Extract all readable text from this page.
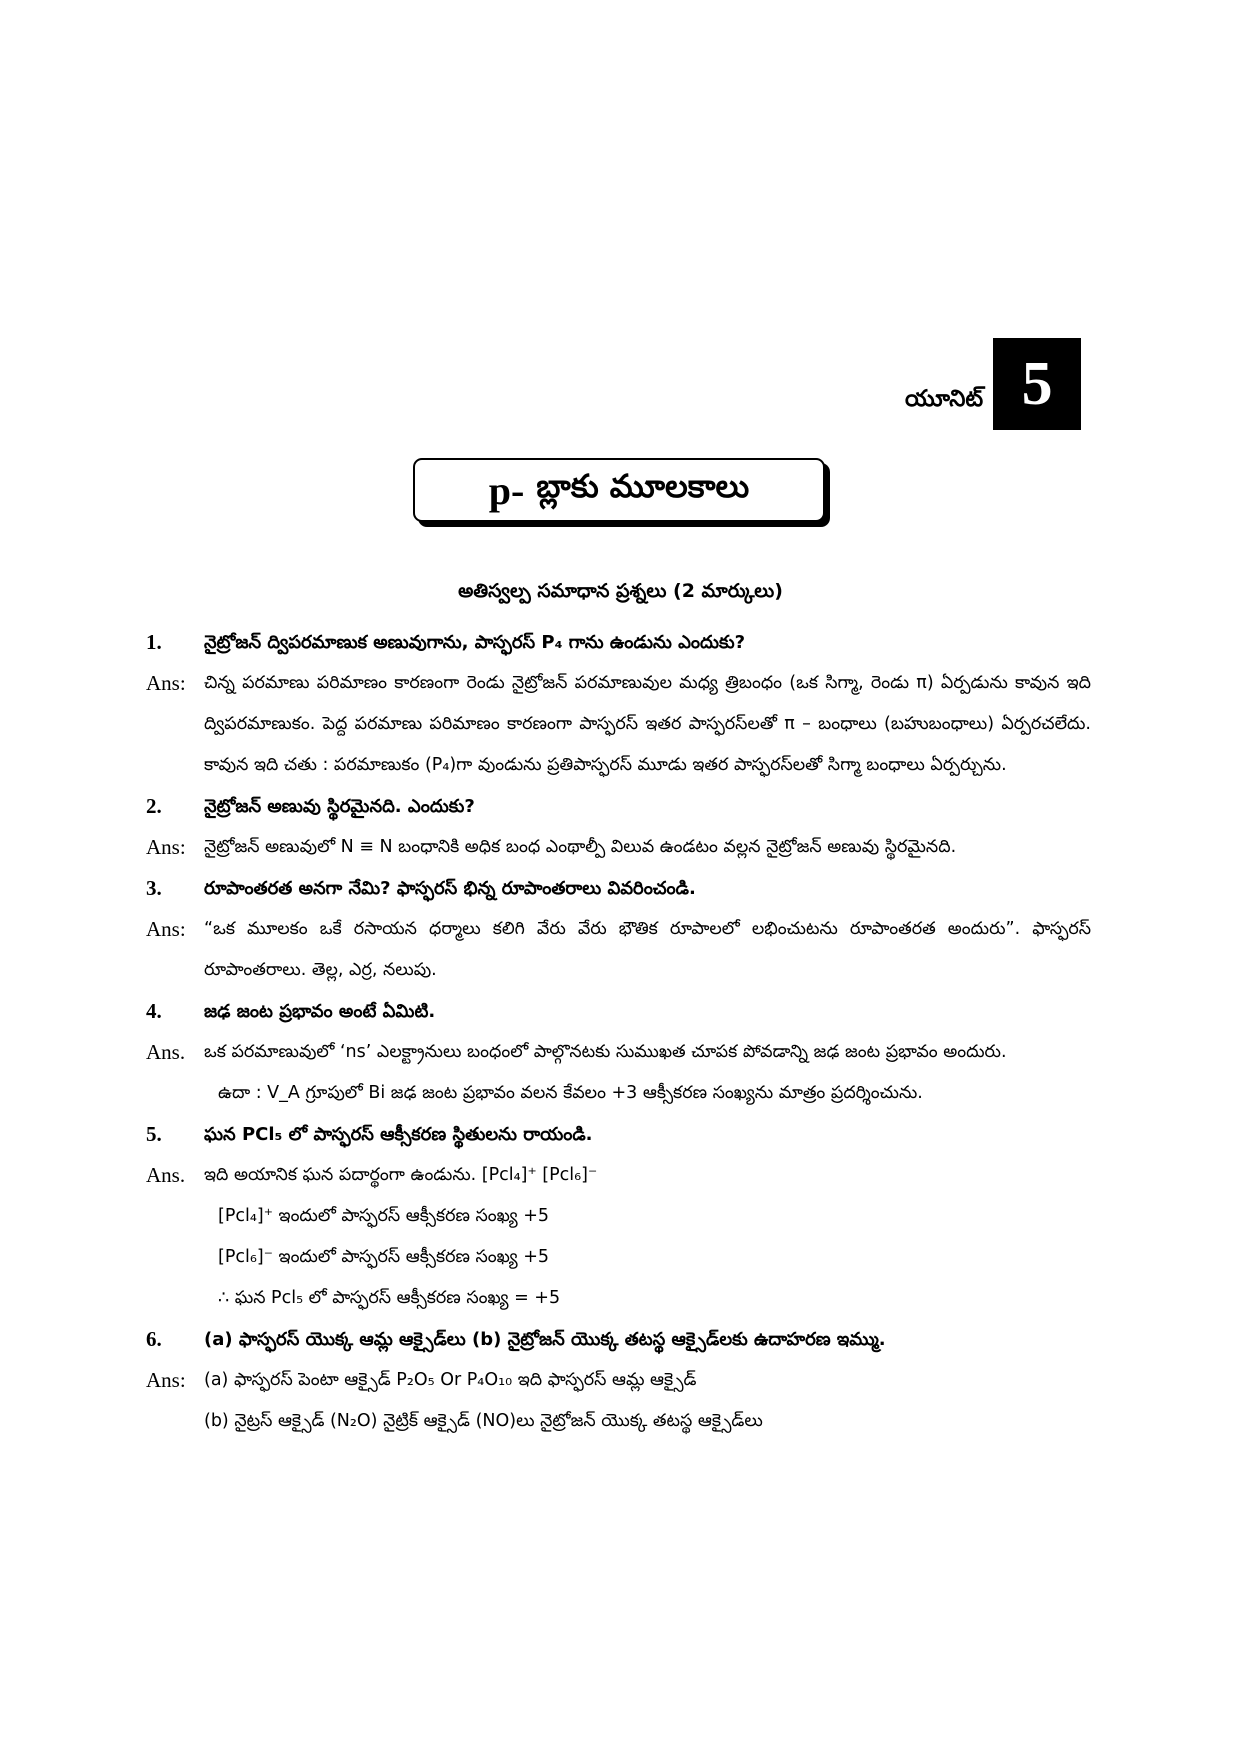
యూనిట్ 5
p- బ్లాకు మూలకాలు
అతిస్వల్ప సమాధాన ప్రశ్నలు (2 మార్కులు)
1.	నైట్రోజన్ ద్విపరమాణుక అణువుగాను, పాస్ఫరస్ P₄ గాను ఉండును ఎందుకు?
Ans:	చిన్న పరమాణు పరిమాణం కారణంగా రెండు నైట్రోజన్ పరమాణువుల మధ్య త్రిబంధం (ఒక సిగ్మా, రెండు π) ఏర్పడును కావున ఇది ద్విపరమాణుకం. పెద్ద పరమాణు పరిమాణం కారణంగా పాస్ఫరస్ ఇతర పాస్ఫరస్‌లతో π – బంధాలు (బహుబంధాలు) ఏర్పరచలేదు. కావున ఇది చతు : పరమాణుకం (P₄)గా వుండును ప్రతిపాస్ఫరస్ మూడు ఇతర పాస్ఫరస్‌లతో సిగ్మా బంధాలు ఏర్పర్చును.
2.	నైట్రోజన్ అణువు స్థిరమైనది. ఎందుకు?
Ans:	నైట్రోజన్ అణువులో N ≡ N బంధానికి అధిక బంధ ఎంథాల్పీ విలువ ఉండటం వల్లన నైట్రోజన్ అణువు స్థిరమైనది.
3.	రూపాంతరత అనగా నేమి? ఫాస్ఫరస్ భిన్న రూపాంతరాలు వివరించండి.
Ans:	“ఒక మూలకం ఒకే రసాయన ధర్మాలు కలిగి వేరు వేరు భౌతిక రూపాలలో లభించుటను రూపాంతరత అందురు”. ఫాస్ఫరస్ రూపాంతరాలు. తెల్ల, ఎర్ర, నలుపు.
4.	జఢ జంట ప్రభావం అంటే ఏమిటి.
Ans.	ఒక పరమాణువులో ‘ns’ ఎలక్ట్రానులు బంధంలో పాల్గొనటకు సుముఖత చూపక పోవడాన్ని జఢ జంట ప్రభావం అందురు.
ఉదా : V_A గ్రూపులో Bi జఢ జంట ప్రభావం వలన కేవలం +3 ఆక్సీకరణ సంఖ్యను మాత్రం ప్రదర్శించును.
5.	ఘన PCl₅ లో పాస్ఫరస్ ఆక్సీకరణ స్థితులను రాయండి.
Ans.	ఇది అయానిక ఘన పదార్థంగా ఉండును. [Pcl₄]⁺ [Pcl₆]⁻
[Pcl₄]⁺ ఇందులో పాస్ఫరస్ ఆక్సీకరణ సంఖ్య +5
[Pcl₆]⁻ ఇందులో పాస్ఫరస్ ఆక్సీకరణ సంఖ్య +5
∴ ఘన Pcl₅ లో పాస్ఫరస్ ఆక్సీకరణ సంఖ్య = +5
6.	(a) ఫాస్ఫరస్ యొక్క ఆమ్ల ఆక్సైడ్‌లు (b) నైట్రోజన్ యొక్క తటస్థ ఆక్సైడ్‌లకు ఉదాహరణ ఇమ్ము.
Ans:	(a) ఫాస్ఫరస్ పెంటా ఆక్సైడ్ P₂O₅ Or P₄O₁₀ ఇది ఫాస్ఫరస్ ఆమ్ల ఆక్సైడ్
(b) నైట్రస్ ఆక్సైడ్ (N₂O) నైట్రిక్ ఆక్సైడ్ (NO)లు నైట్రోజన్ యొక్క తటస్థ ఆక్సైడ్‌లు
